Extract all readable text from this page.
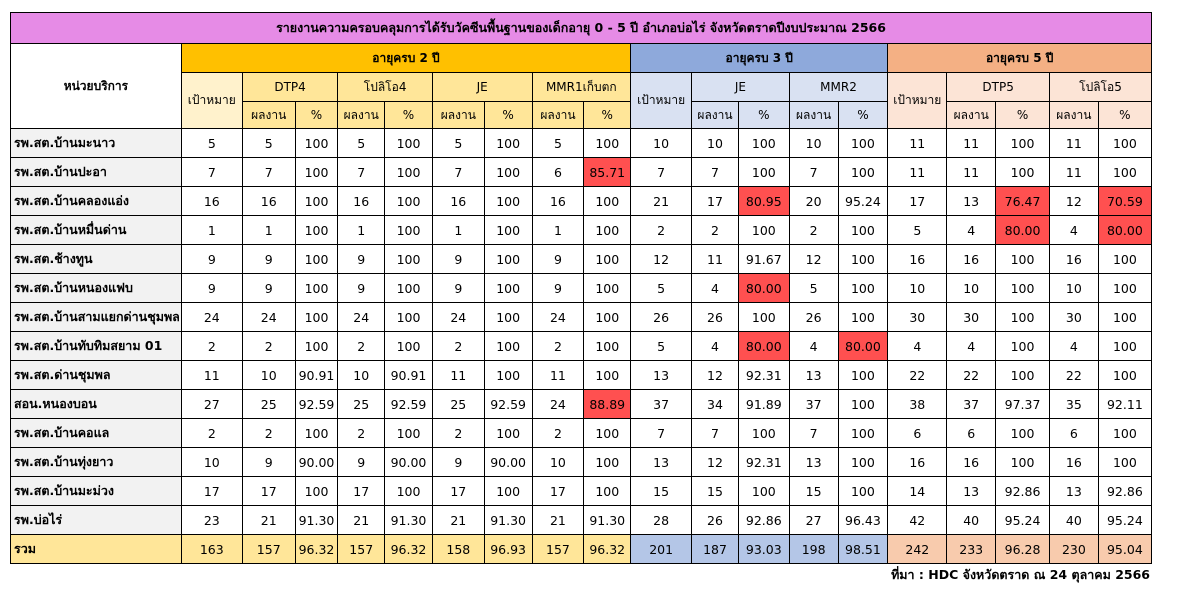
รายงานความครอบคลุมการได้รับวัคซีนพื้นฐานของเด็กอายุ 0 - 5 ปี อำเภอบ่อไร่ จังหวัดตราดปีงบประมาณ 2566																			
หน่วยบริการ	อายุครบ 2 ปี									อายุครบ 3 ปี					อายุครบ 5 ปี				
	เป้าหมาย	DTP4		โปลิโอ4		JE		MMR1เก็บตก		เป้าหมาย	JE		MMR2		เป้าหมาย	DTP5		โปลิโอ5	
		ผลงาน	%	ผลงาน	%	ผลงาน	%	ผลงาน	%		ผลงาน	%	ผลงาน	%		ผลงาน	%	ผลงาน	%
รพ.สต.บ้านมะนาว	5	5	100	5	100	5	100	5	100	10	10	100	10	100	11	11	100	11	100
รพ.สต.บ้านปะอา	7	7	100	7	100	7	100	6	85.71	7	7	100	7	100	11	11	100	11	100
รพ.สต.บ้านคลองแอ่ง	16	16	100	16	100	16	100	16	100	21	17	80.95	20	95.24	17	13	76.47	12	70.59
รพ.สต.บ้านหมื่นด่าน	1	1	100	1	100	1	100	1	100	2	2	100	2	100	5	4	80.00	4	80.00
รพ.สต.ช้างทูน	9	9	100	9	100	9	100	9	100	12	11	91.67	12	100	16	16	100	16	100
รพ.สต.บ้านหนองแฟบ	9	9	100	9	100	9	100	9	100	5	4	80.00	5	100	10	10	100	10	100
รพ.สต.บ้านสามแยกด่านชุมพล	24	24	100	24	100	24	100	24	100	26	26	100	26	100	30	30	100	30	100
รพ.สต.บ้านทับทิมสยาม 01	2	2	100	2	100	2	100	2	100	5	4	80.00	4	80.00	4	4	100	4	100
รพ.สต.ด่านชุมพล	11	10	90.91	10	90.91	11	100	11	100	13	12	92.31	13	100	22	22	100	22	100
สอน.หนองบอน	27	25	92.59	25	92.59	25	92.59	24	88.89	37	34	91.89	37	100	38	37	97.37	35	92.11
รพ.สต.บ้านคอแล	2	2	100	2	100	2	100	2	100	7	7	100	7	100	6	6	100	6	100
รพ.สต.บ้านทุ่งยาว	10	9	90.00	9	90.00	9	90.00	10	100	13	12	92.31	13	100	16	16	100	16	100
รพ.สต.บ้านมะม่วง	17	17	100	17	100	17	100	17	100	15	15	100	15	100	14	13	92.86	13	92.86
รพ.บ่อไร่	23	21	91.30	21	91.30	21	91.30	21	91.30	28	26	92.86	27	96.43	42	40	95.24	40	95.24
รวม	163	157	96.32	157	96.32	158	96.93	157	96.32	201	187	93.03	198	98.51	242	233	96.28	230	95.04
ที่มา : HDC จังหวัดตราด ณ 24 ตุลาคม 2566
